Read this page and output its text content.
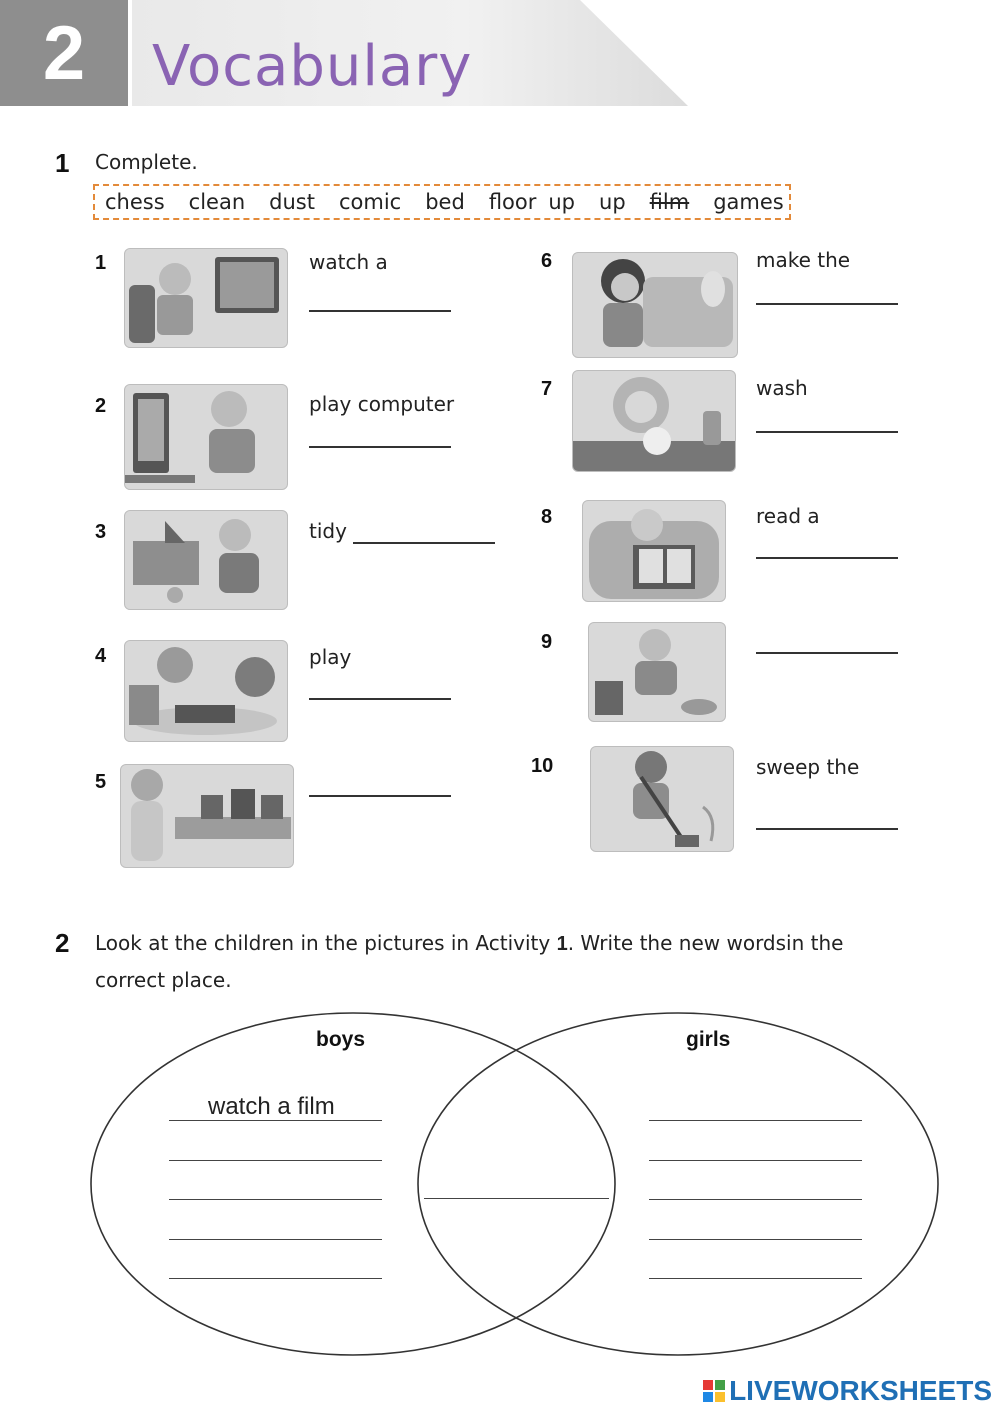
2	Vocabulary
1 Complete.
chess clean dust comic bed floor up up film games
1	watch a
2	play computer
3	tidy
4	play
5
6	make the
7	wash
8	read a
9
10	sweep the
2 Look at the children in the pictures in Activity 1. Write the new wordsin the
correct place.
boys	girls
watch a film
LIVEWORKSHEETS
